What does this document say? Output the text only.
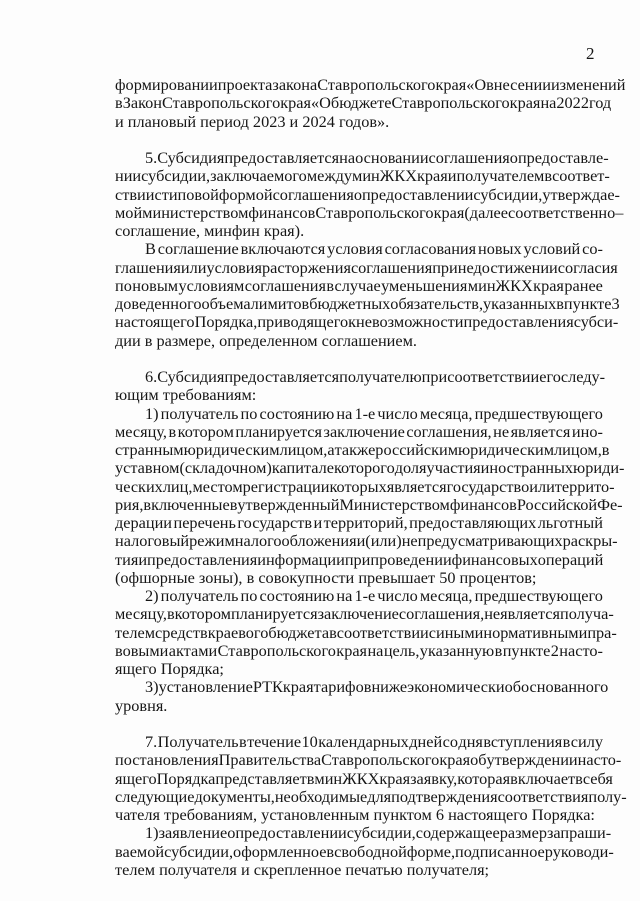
2
формировании проекта закона Ставропольского края «О внесении изменений
в Закон Ставропольского края «О бюджете Ставропольского края на 2022 год
и плановый период 2023 и 2024 годов».
5. Субсидия предоставляется на основании соглашения о предоставле-
нии субсидии, заключаемого между минЖКХ края и получателем в соответ-
ствии с типовой формой соглашения о предоставлении субсидии, утверждае-
мой министерством финансов Ставропольского края (далее соответственно –
соглашение, минфин края).
В соглашение включаются условия согласования новых условий со-
глашения или условия расторжения соглашения при недостижении согласия
по новым условиям соглашения в случае уменьшения минЖКХ края ранее
доведенного объема лимитов бюджетных обязательств, указанных в пункте 3
настоящего Порядка, приводящего к невозможности предоставления субси-
дии в размере, определенном соглашением.
6. Субсидия предоставляется получателю при соответствии его следу-
ющим требованиям:
1) получатель по состоянию на 1-е число месяца, предшествующего
месяцу, в котором планируется заключение соглашения, не является ино-
странным юридическим лицом, а также российским юридическим лицом, в
уставном (складочном) капитале которого доля участия иностранных юриди-
ческих лиц, местом регистрации которых является государство или террито-
рия, включенные в утвержденный Министерством финансов Российской Фе-
дерации перечень государств и территорий, предоставляющих льготный
налоговый режим налогообложения и (или) не предусматривающих раскры-
тия и предоставления информации при проведении финансовых операций
(офшорные зоны), в совокупности превышает 50 процентов;
2) получатель по состоянию на 1-е число месяца, предшествующего
месяцу, в котором планируется заключение соглашения, не является получа-
телем средств краевого бюджета в соответствии с иными нормативными пра-
вовыми актами Ставропольского края на цель, указанную в пункте 2 насто-
ящего Порядка;
3) установление РТК края тарифов ниже экономически обоснованного
уровня.
7. Получатель в течение 10 календарных дней со дня вступления в силу
постановления Правительства Ставропольского края об утверждении насто-
ящего Порядка представляет в минЖКХ края заявку, которая включает в себя
следующие документы, необходимые для подтверждения соответствия полу-
чателя требованиям, установленным пунктом 6 настоящего Порядка:
1) заявление о предоставлении субсидии, содержащее размер запраши-
ваемой субсидии, оформленное в свободной форме, подписанное руководи-
телем получателя и скрепленное печатью получателя;
